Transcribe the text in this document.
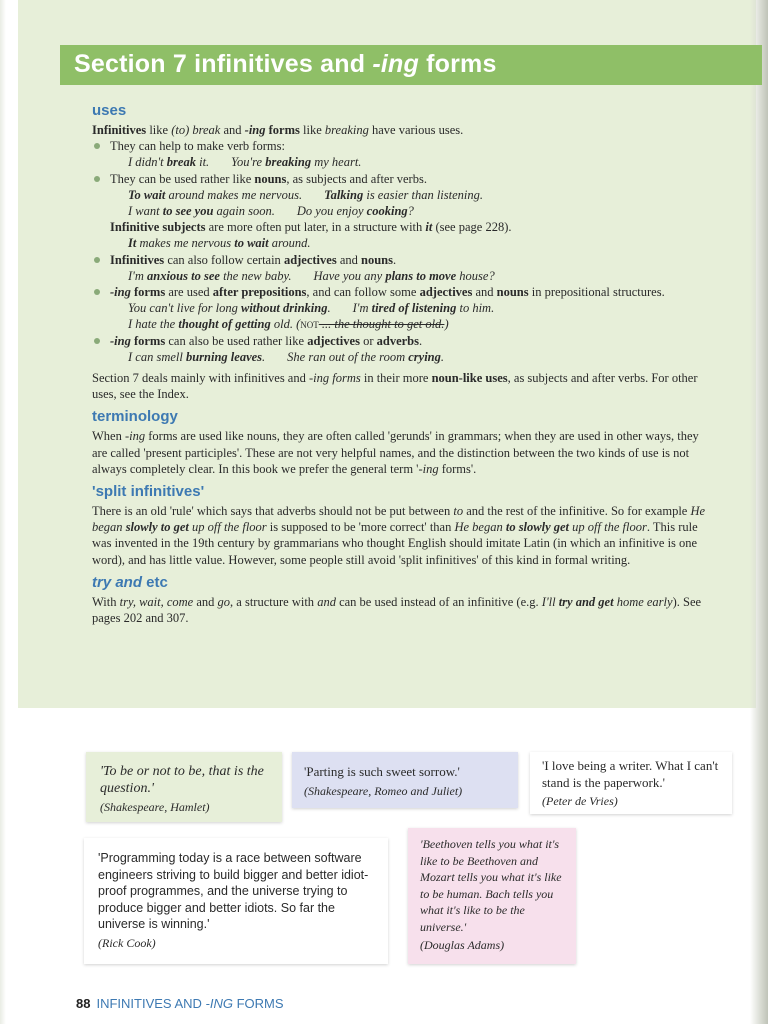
Section 7 infinitives and -ing forms
uses

Infinitives like (to) break and -ing forms like breaking have various uses.

They can help to make verb forms:

I didn't break it. You're breaking my heart.

They can be used rather like nouns, as subjects and after verbs.

To wait around makes me nervous. Talking is easier than listening.

I want to see you again soon. Do you enjoy cooking?

Infinitive subjects are more often put later, in a structure with it (see page 228).

It makes me nervous to wait around.

Infinitives can also follow certain adjectives and nouns.

I'm anxious to see the new baby. Have you any plans to move house?

-ing forms are used after prepositions, and can follow some adjectives and nouns in prepositional structures.

You can't live for long without drinking. I'm tired of listening to him.

I hate the thought of getting old. (not ... the thought to get old.)

-ing forms can also be used rather like adjectives or adverbs.

I can smell burning leaves. She ran out of the room crying.

Section 7 deals mainly with infinitives and -ing forms in their more noun-like uses, as subjects and after verbs. For other uses, see the Index.

terminology

When -ing forms are used like nouns, they are often called 'gerunds' in grammars; when they are used in other ways, they are called 'present participles'. These are not very helpful names, and the distinction between the two kinds of use is not always completely clear. In this book we prefer the general term '-ing forms'.

'split infinitives'

There is an old 'rule' which says that adverbs should not be put between to and the rest of the infinitive. So for example He began slowly to get up off the floor is supposed to be 'more correct' than He began to slowly get up off the floor. This rule was invented in the 19th century by grammarians who thought English should imitate Latin (in which an infinitive is one word), and has little value. However, some people still avoid 'split infinitives' of this kind in formal writing.

try and etc

With try, wait, come and go, a structure with and can be used instead of an infinitive (e.g. I'll try and get home early). See pages 202 and 307.

'To be or not to be, that is the question.'
(Shakespeare, Hamlet)
'Parting is such sweet sorrow.'
(Shakespeare, Romeo and Juliet)
'I love being a writer. What I can't stand is the paperwork.'
(Peter de Vries)
'Programming today is a race between software engineers striving to build bigger and better idiot-proof programmes, and the universe trying to produce bigger and better idiots. So far the universe is winning.'
(Rick Cook)
'Beethoven tells you what it's like to be Beethoven and Mozart tells you what it's like to be human. Bach tells you what it's like to be the universe.'
(Douglas Adams)
88 INFINITIVES AND -ING FORMS
